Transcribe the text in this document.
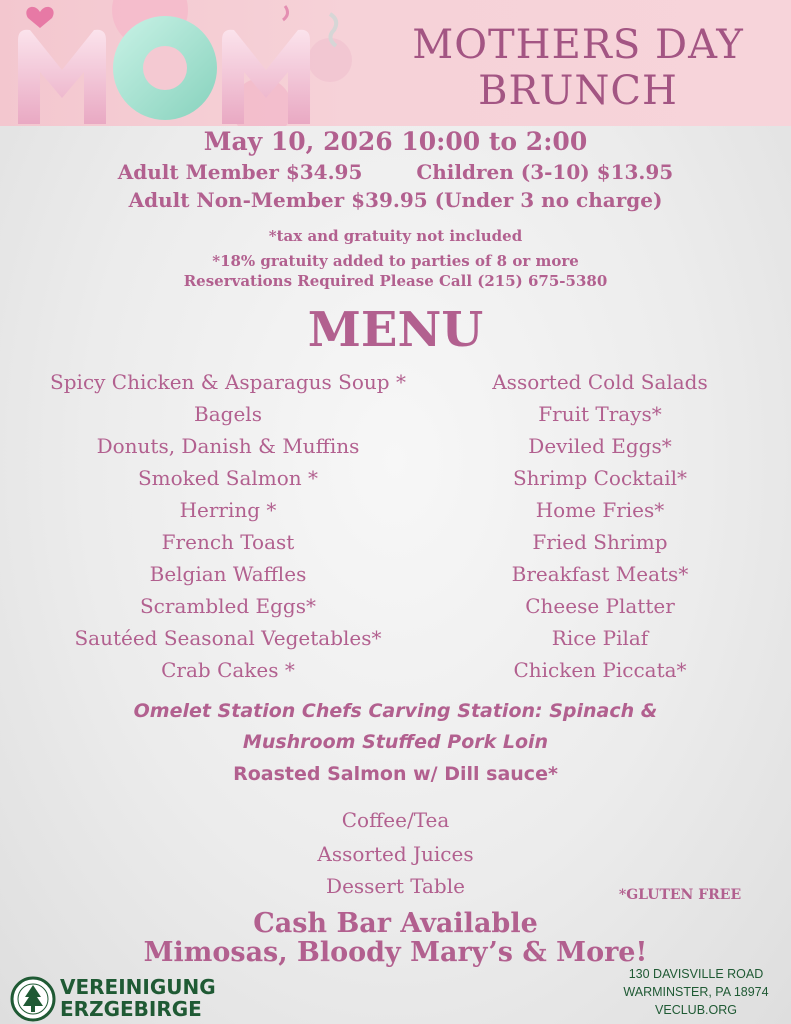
MOTHERS DAY
BRUNCH
May 10, 2026 10:00 to 2:00
Adult Member $34.95	Children (3-10) $13.95
Adult Non-Member $39.95 (Under 3 no charge)
*tax and gratuity not included
*18% gratuity added to parties of 8 or more
Reservations Required Please Call (215) 675-5380
MENU
Spicy Chicken & Asparagus Soup *
Bagels
Donuts, Danish & Muffins
Smoked Salmon *
Herring *
French Toast
Belgian Waffles
Scrambled Eggs*
Sautéed Seasonal Vegetables*
Crab Cakes *
Assorted Cold Salads
Fruit Trays*
Deviled Eggs*
Shrimp Cocktail*
Home Fries*
Fried Shrimp
Breakfast Meats*
Cheese Platter
Rice Pilaf
Chicken Piccata*
Omelet Station Chefs Carving Station: Spinach &
Mushroom Stuffed Pork Loin
Roasted Salmon w/ Dill sauce*
Coffee/Tea
Assorted Juices
Dessert Table	*GLUTEN FREE
Cash Bar Available
Mimosas, Bloody Mary’s & More!
VEREINIGUNG
ERZGEBIRGE
130 DAVISVILLE ROAD
WARMINSTER, PA 18974
VECLUB.ORG
